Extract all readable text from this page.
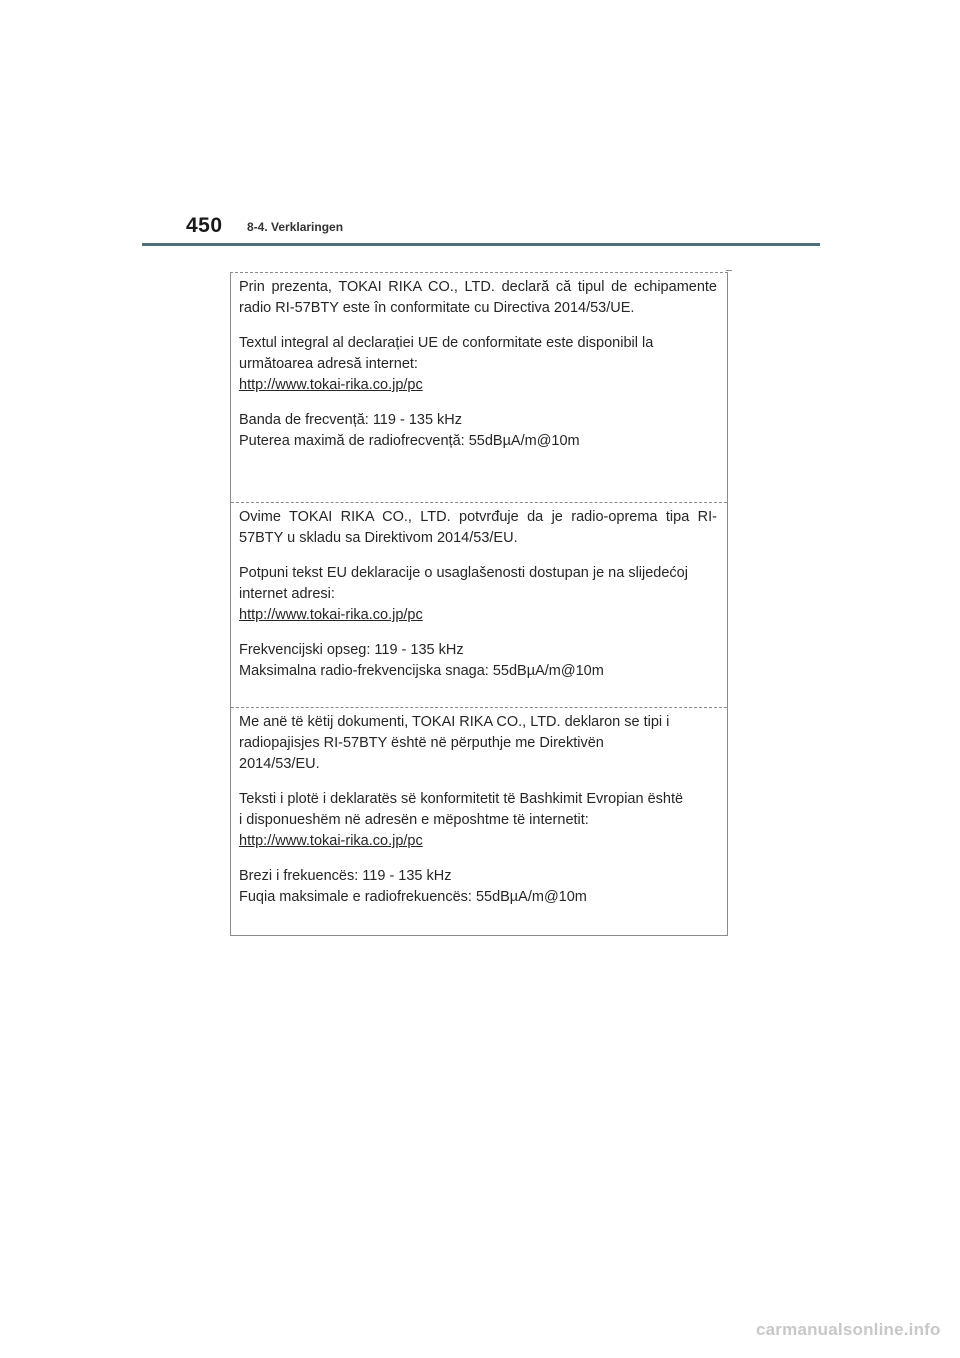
450 8-4. Verklaringen

Prin prezenta, TOKAI RIKA CO., LTD. declară că tipul de echipamente radio RI-57BTY este în conformitate cu Directiva 2014/53/UE.

Textul integral al declarației UE de conformitate este disponibil la
următoarea adresă internet:
http://www.tokai-rika.co.jp/pc

Banda de frecvență: 119 - 135 kHz
Puterea maximă de radiofrecvență: 55dBµA/m@10m

Ovime TOKAI RIKA CO., LTD. potvrđuje da je radio-oprema tipa RI-57BTY u skladu sa Direktivom 2014/53/EU.

Potpuni tekst EU deklaracije o usaglašenosti dostupan je na slijedećoj
internet adresi:
http://www.tokai-rika.co.jp/pc

Frekvencijski opseg: 119 - 135 kHz
Maksimalna radio-frekvencijska snaga: 55dBµA/m@10m

Me anë të këtij dokumenti, TOKAI RIKA CO., LTD. deklaron se tipi i
radiopajisjes RI-57BTY është në përputhje me Direktivën
2014/53/EU.

Teksti i plotë i deklaratës së konformitetit të Bashkimit Evropian është
i disponueshëm në adresën e mëposhtme të internetit:
http://www.tokai-rika.co.jp/pc

Brezi i frekuencës: 119 - 135 kHz
Fuqia maksimale e radiofrekuencës: 55dBµA/m@10m

carmanualsonline.info
